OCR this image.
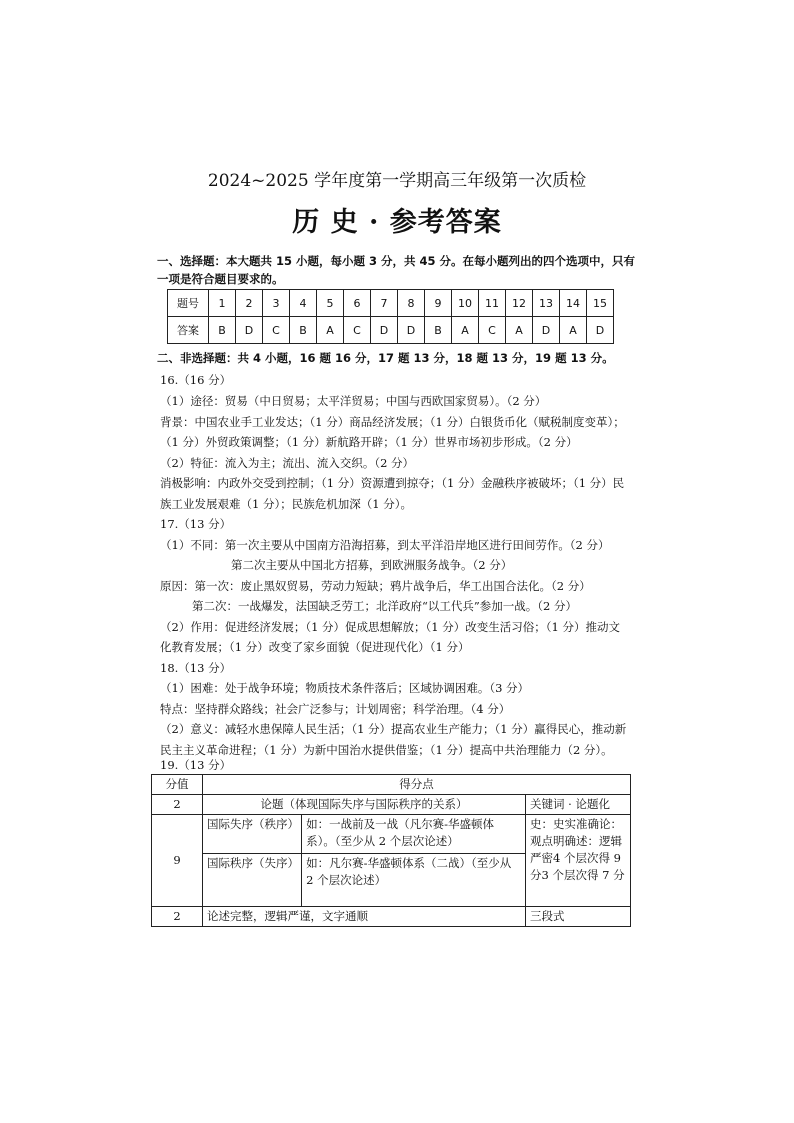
2024~2025 学年度第一学期高三年级第一次质检
历 史 · 参考答案
一、选择题：本大题共 15 小题，每小题 3 分，共 45 分。在每小题列出的四个选项中，只有
一项是符合题目要求的。
题号	1	2	3	4	5	6	7	8	9	10	11	12	13	14	15
答案	B	D	C	B	A	C	D	D	B	A	C	A	D	A	D
二、非选择题：共 4 小题，16 题 16 分，17 题 13 分，18 题 13 分，19 题 13 分。
16.（16 分）
（1）途径：贸易（中日贸易；太平洋贸易；中国与西欧国家贸易）。（2 分）
背景：中国农业手工业发达；（1 分）商品经济发展；（1 分）白银货币化（赋税制度变革）；
（1 分）外贸政策调整；（1 分）新航路开辟；（1 分）世界市场初步形成。（2 分）
（2）特征：流入为主；流出、流入交织。（2 分）
消极影响：内政外交受到控制；（1 分）资源遭到掠夺；（1 分）金融秩序被破坏；（1 分）民
族工业发展艰难（1 分）；民族危机加深（1 分）。
17.（13 分）
（1）不同：第一次主要从中国南方沿海招募，到太平洋沿岸地区进行田间劳作。（2 分）
第二次主要从中国北方招募，到欧洲服务战争。（2 分）
原因：第一次：废止黑奴贸易，劳动力短缺；鸦片战争后，华工出国合法化。（2 分）
第二次：一战爆发，法国缺乏劳工；北洋政府“以工代兵”参加一战。（2 分）
（2）作用：促进经济发展；（1 分）促成思想解放；（1 分）改变生活习俗；（1 分）推动文
化教育发展；（1 分）改变了家乡面貌（促进现代化）（1 分）
18.（13 分）
（1）困难：处于战争环境；物质技术条件落后；区域协调困难。（3 分）
特点：坚持群众路线；社会广泛参与；计划周密；科学治理。（4 分）
（2）意义：减轻水患保障人民生活；（1 分）提高农业生产能力；（1 分）赢得民心，推动新
民主主义革命进程；（1 分）为新中国治水提供借鉴；（1 分）提高中共治理能力（2 分）。
19.（13 分）
分值	得分点		
2	论题（体现国际失序与国际秩序的关系）		关键词 · 论题化
9	国际失序（秩序）	如：一战前及一战（凡尔赛-华盛顿体系）。（至少从 2 个层次论述）	史：史实准确论：观点明确述：逻辑严密4 个层次得 9 分3 个层次得 7 分
	国际秩序（失序）	如：凡尔赛-华盛顿体系（二战）（至少从 2 个层次论述）	
2	论述完整，逻辑严谨，文字通顺		三段式
